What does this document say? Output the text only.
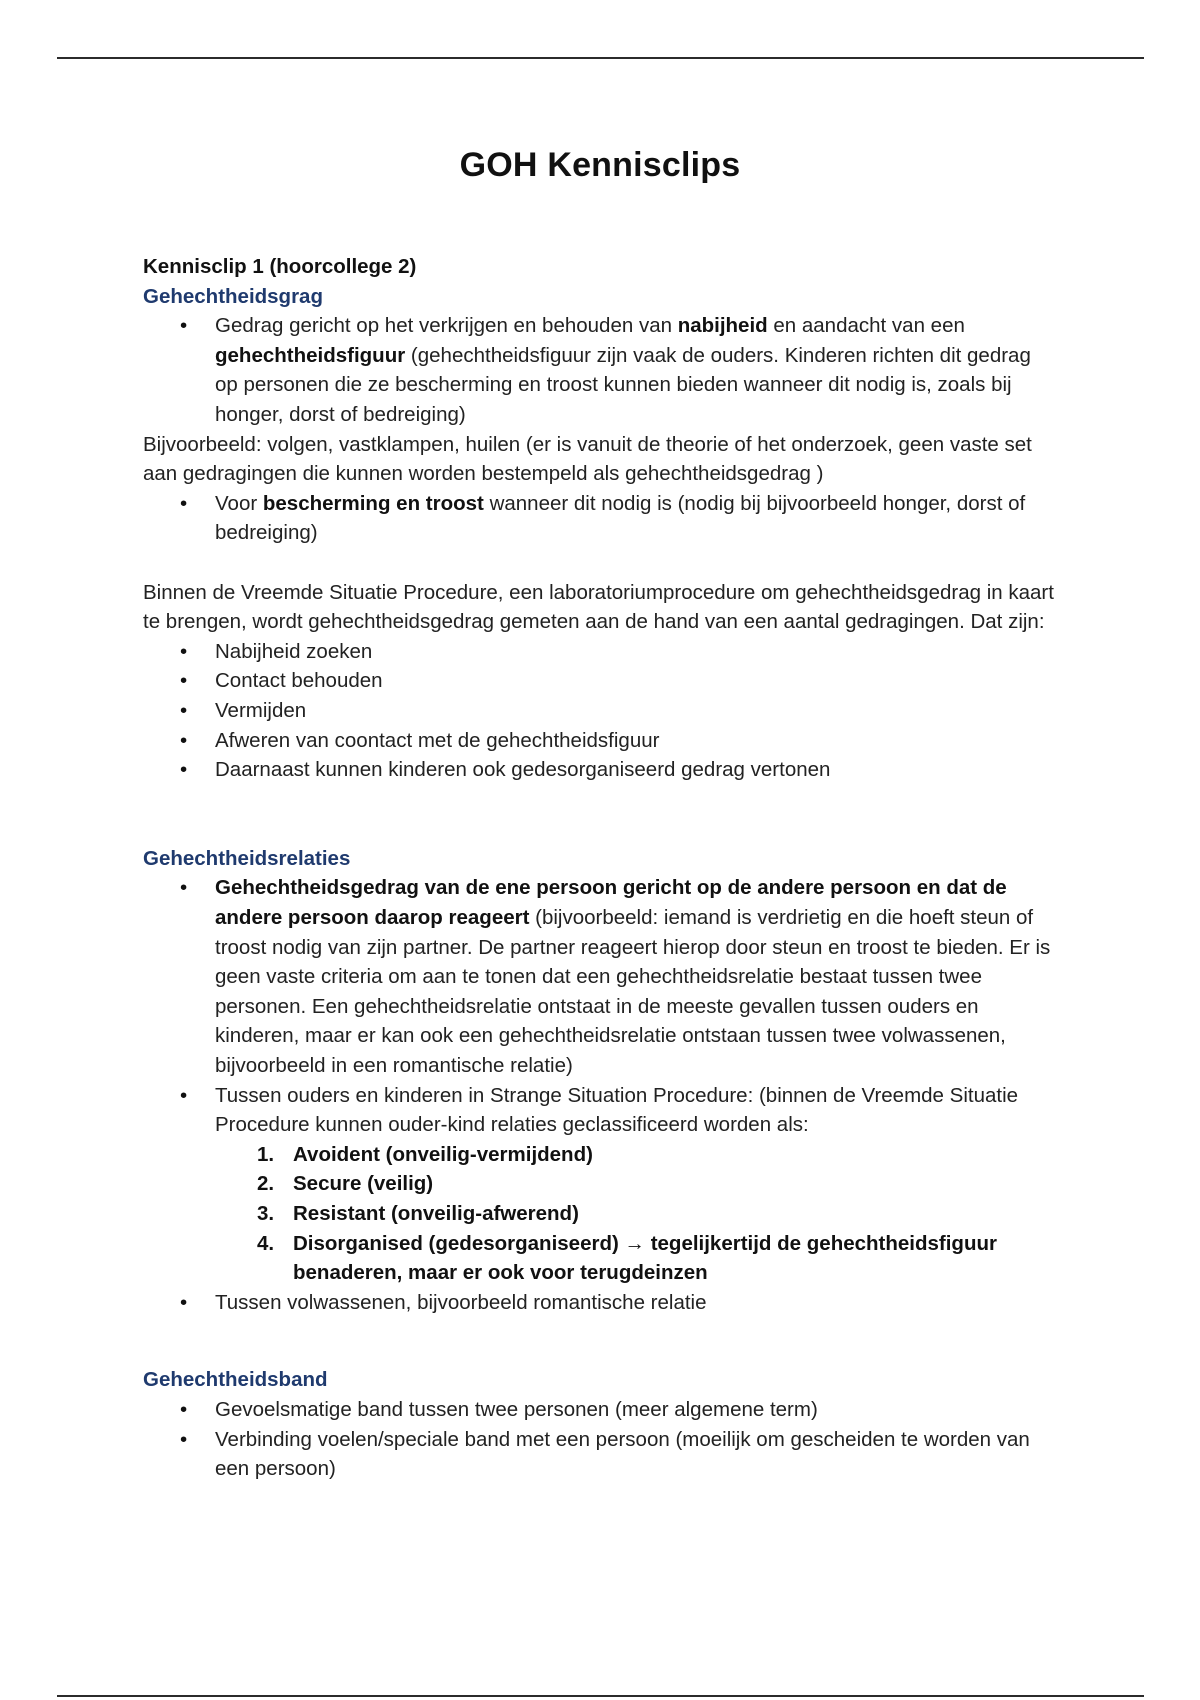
GOH Kennisclips

Kennisclip 1 (hoorcollege 2)

Gehechtheidsgrag

• Gedrag gericht op het verkrijgen en behouden van nabijheid en aandacht van een gehechtheidsfiguur (gehechtheidsfiguur zijn vaak de ouders. Kinderen richten dit gedrag op personen die ze bescherming en troost kunnen bieden wanneer dit nodig is, zoals bij honger, dorst of bedreiging)

Bijvoorbeeld: volgen, vastklampen, huilen (er is vanuit de theorie of het onderzoek, geen vaste set aan gedragingen die kunnen worden bestempeld als gehechtheidsgedrag )

• Voor bescherming en troost wanneer dit nodig is (nodig bij bijvoorbeeld honger, dorst of bedreiging)

Binnen de Vreemde Situatie Procedure, een laboratoriumprocedure om gehechtheidsgedrag in kaart te brengen, wordt gehechtheidsgedrag gemeten aan de hand van een aantal gedragingen. Dat zijn:

• Nabijheid zoeken
• Contact behouden
• Vermijden
• Afweren van coontact met de gehechtheidsfiguur
• Daarnaast kunnen kinderen ook gedesorganiseerd gedrag vertonen

Gehechtheidsrelaties

• Gehechtheidsgedrag van de ene persoon gericht op de andere persoon en dat de andere persoon daarop reageert (bijvoorbeeld: iemand is verdrietig en die hoeft steun of troost nodig van zijn partner. De partner reageert hierop door steun en troost te bieden. Er is geen vaste criteria om aan te tonen dat een gehechtheidsrelatie bestaat tussen twee personen. Een gehechtheidsrelatie ontstaat in de meeste gevallen tussen ouders en kinderen, maar er kan ook een gehechtheidsrelatie ontstaan tussen twee volwassenen, bijvoorbeeld in een romantische relatie)
• Tussen ouders en kinderen in Strange Situation Procedure: (binnen de Vreemde Situatie Procedure kunnen ouder-kind relaties geclassificeerd worden als:
1. Avoident (onveilig-vermijdend)
2. Secure (veilig)
3. Resistant (onveilig-afwerend)
4. Disorganised (gedesorganiseerd) → tegelijkertijd de gehechtheidsfiguur benaderen, maar er ook voor terugdeinzen
• Tussen volwassenen, bijvoorbeeld romantische relatie

Gehechtheidsband

• Gevoelsmatige band tussen twee personen (meer algemene term)
• Verbinding voelen/speciale band met een persoon (moeilijk om gescheiden te worden van een persoon)
